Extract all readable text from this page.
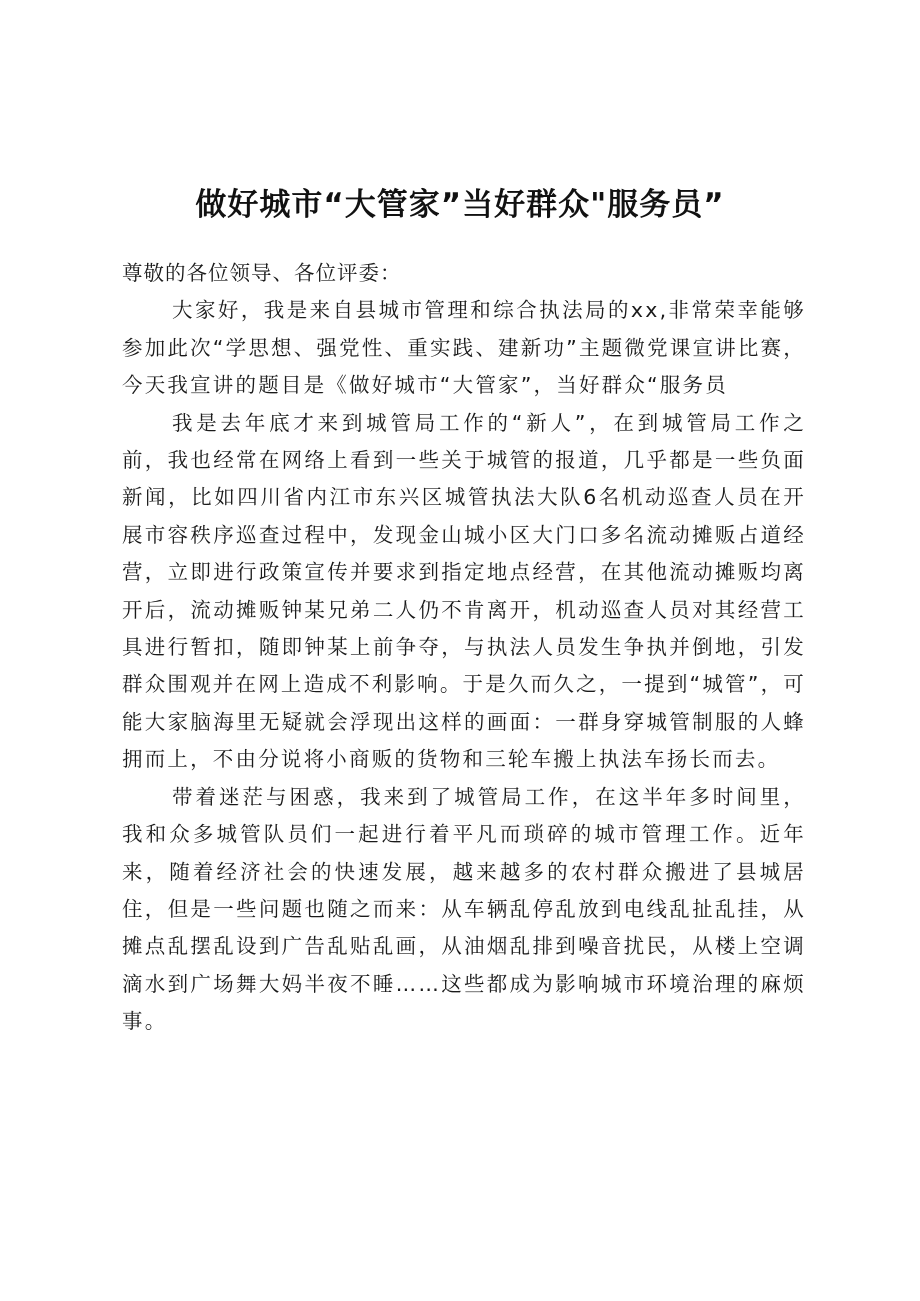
做好城市“大管家”当好群众"服务员”

尊敬的各位领导、各位评委：

大家好，我是来自县城市管理和综合执法局的xx,非常荣幸能够参加此次“学思想、强党性、重实践、建新功”主题微党课宣讲比赛，今天我宣讲的题目是《做好城市“大管家”，当好群众“服务员

我是去年底才来到城管局工作的“新人”，在到城管局工作之前，我也经常在网络上看到一些关于城管的报道，几乎都是一些负面新闻，比如四川省内江市东兴区城管执法大队6名机动巡查人员在开展市容秩序巡查过程中，发现金山城小区大门口多名流动摊贩占道经营，立即进行政策宣传并要求到指定地点经营，在其他流动摊贩均离开后，流动摊贩钟某兄弟二人仍不肯离开，机动巡查人员对其经营工具进行暂扣，随即钟某上前争夺，与执法人员发生争执并倒地，引发群众围观并在网上造成不利影响。于是久而久之，一提到“城管”，可能大家脑海里无疑就会浮现出这样的画面：一群身穿城管制服的人蜂拥而上，不由分说将小商贩的货物和三轮车搬上执法车扬长而去。

带着迷茫与困惑，我来到了城管局工作，在这半年多时间里，我和众多城管队员们一起进行着平凡而琐碎的城市管理工作。近年来，随着经济社会的快速发展，越来越多的农村群众搬进了县城居住，但是一些问题也随之而来：从车辆乱停乱放到电线乱扯乱挂，从摊点乱摆乱设到广告乱贴乱画，从油烟乱排到噪音扰民，从楼上空调滴水到广场舞大妈半夜不睡……这些都成为影响城市环境治理的麻烦事。
